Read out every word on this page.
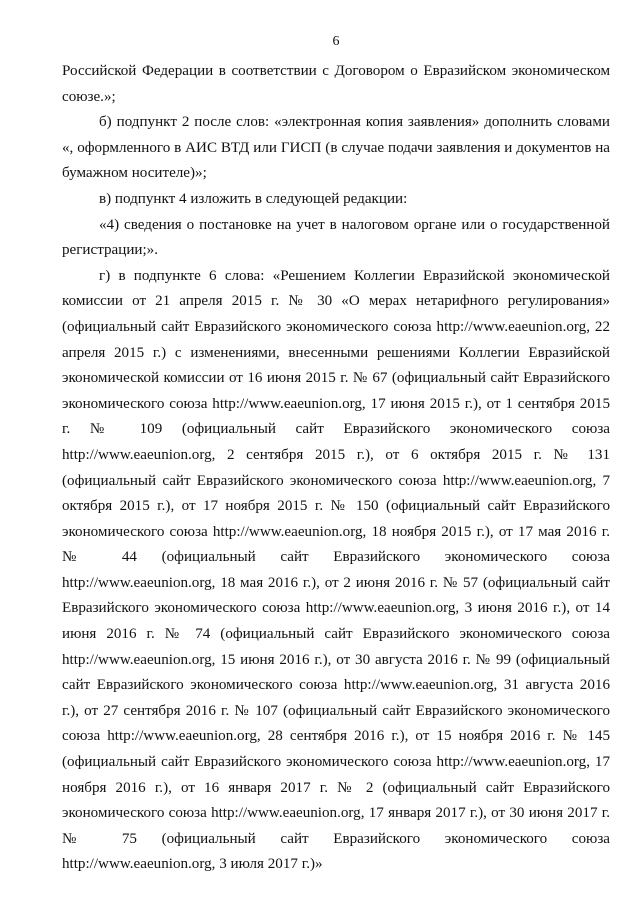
6

Российской Федерации в соответствии с Договором о Евразийском экономическом союзе.»;

б) подпункт 2 после слов: «электронная копия заявления» дополнить словами «, оформленного в АИС ВТД или ГИСП (в случае подачи заявления и документов на бумажном носителе)»;

в) подпункт 4 изложить в следующей редакции:

«4) сведения о постановке на учет в налоговом органе или о государственной регистрации;».

г) в подпункте 6 слова: «Решением Коллегии Евразийской экономической комиссии от 21 апреля 2015 г. № 30 «О мерах нетарифного регулирования» (официальный сайт Евразийского экономического союза http://www.eaeunion.org, 22 апреля 2015 г.) с изменениями, внесенными решениями Коллегии Евразийской экономической комиссии от 16 июня 2015 г. № 67 (официальный сайт Евразийского экономического союза http://www.eaeunion.org, 17 июня 2015 г.), от 1 сентября 2015 г. № 109 (официальный сайт Евразийского экономического союза http://www.eaeunion.org, 2 сентября 2015 г.), от 6 октября 2015 г. № 131 (официальный сайт Евразийского экономического союза http://www.eaeunion.org, 7 октября 2015 г.), от 17 ноября 2015 г. № 150 (официальный сайт Евразийского экономического союза http://www.eaeunion.org, 18 ноября 2015 г.), от 17 мая 2016 г. № 44 (официальный сайт Евразийского экономического союза http://www.eaeunion.org, 18 мая 2016 г.), от 2 июня 2016 г. № 57 (официальный сайт Евразийского экономического союза http://www.eaeunion.org, 3 июня 2016 г.), от 14 июня 2016 г. № 74 (официальный сайт Евразийского экономического союза http://www.eaeunion.org, 15 июня 2016 г.), от 30 августа 2016 г. № 99 (официальный сайт Евразийского экономического союза http://www.eaeunion.org, 31 августа 2016 г.), от 27 сентября 2016 г. № 107 (официальный сайт Евразийского экономического союза http://www.eaeunion.org, 28 сентября 2016 г.), от 15 ноября 2016 г. № 145 (официальный сайт Евразийского экономического союза http://www.eaeunion.org, 17 ноября 2016 г.), от 16 января 2017 г. № 2 (официальный сайт Евразийского экономического союза http://www.eaeunion.org, 17 января 2017 г.), от 30 июня 2017 г. № 75 (официальный сайт Евразийского экономического союза http://www.eaeunion.org, 3 июля 2017 г.)»
